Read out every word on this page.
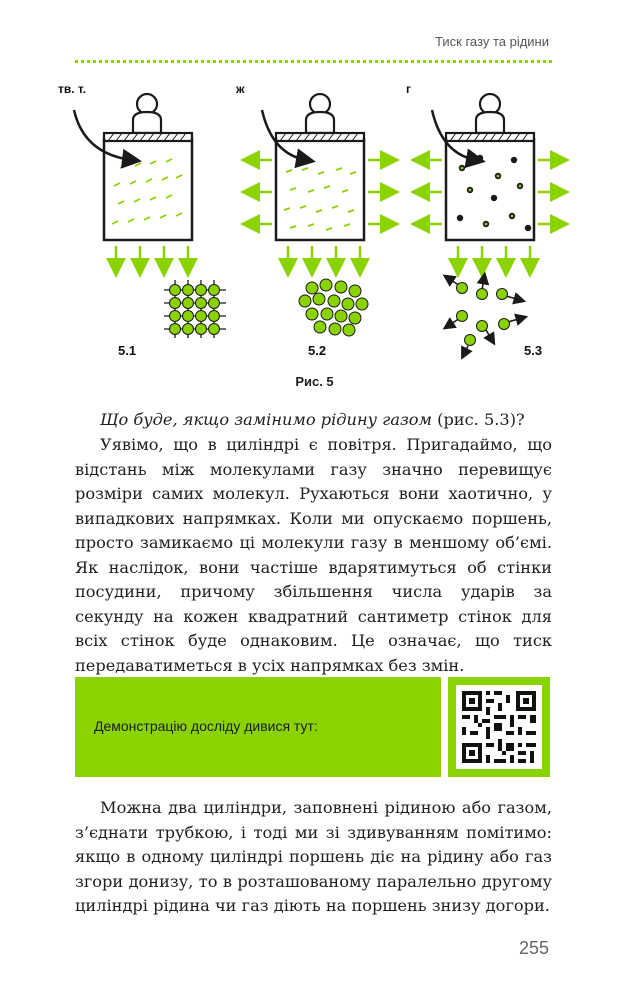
Тиск газу та рідини
тв. т.	ж	г
5.1	5.2	5.3
Рис. 5

Що буде, якщо замінимо рідину газом (рис. 5.3)?

Уявімо, що в циліндрі є повітря. Пригадаймо, що відстань між молекулами газу значно перевищує розміри самих молекул. Рухаються вони хаотично, у випадкових напрямках. Коли ми опускаємо поршень, просто замикаємо ці молекули газу в меншому об’ємі. Як наслідок, вони частіше вдарятимуться об стінки посудини, причому збільшення числа ударів за секунду на кожен квадратний сантиметр стінок для всіх стінок буде однаковим. Це означає, що тиск передаватиметься в усіх напрямках без змін.

Демонстрацію досліду дивися тут:

Можна два циліндри, заповнені рідиною або газом, з’єднати трубкою, і тоді ми зі здивуванням помітимо: якщо в одному циліндрі поршень діє на рідину або газ згори донизу, то в розташованому паралельно другому циліндрі рідина чи газ діють на поршень знизу догори.

255
